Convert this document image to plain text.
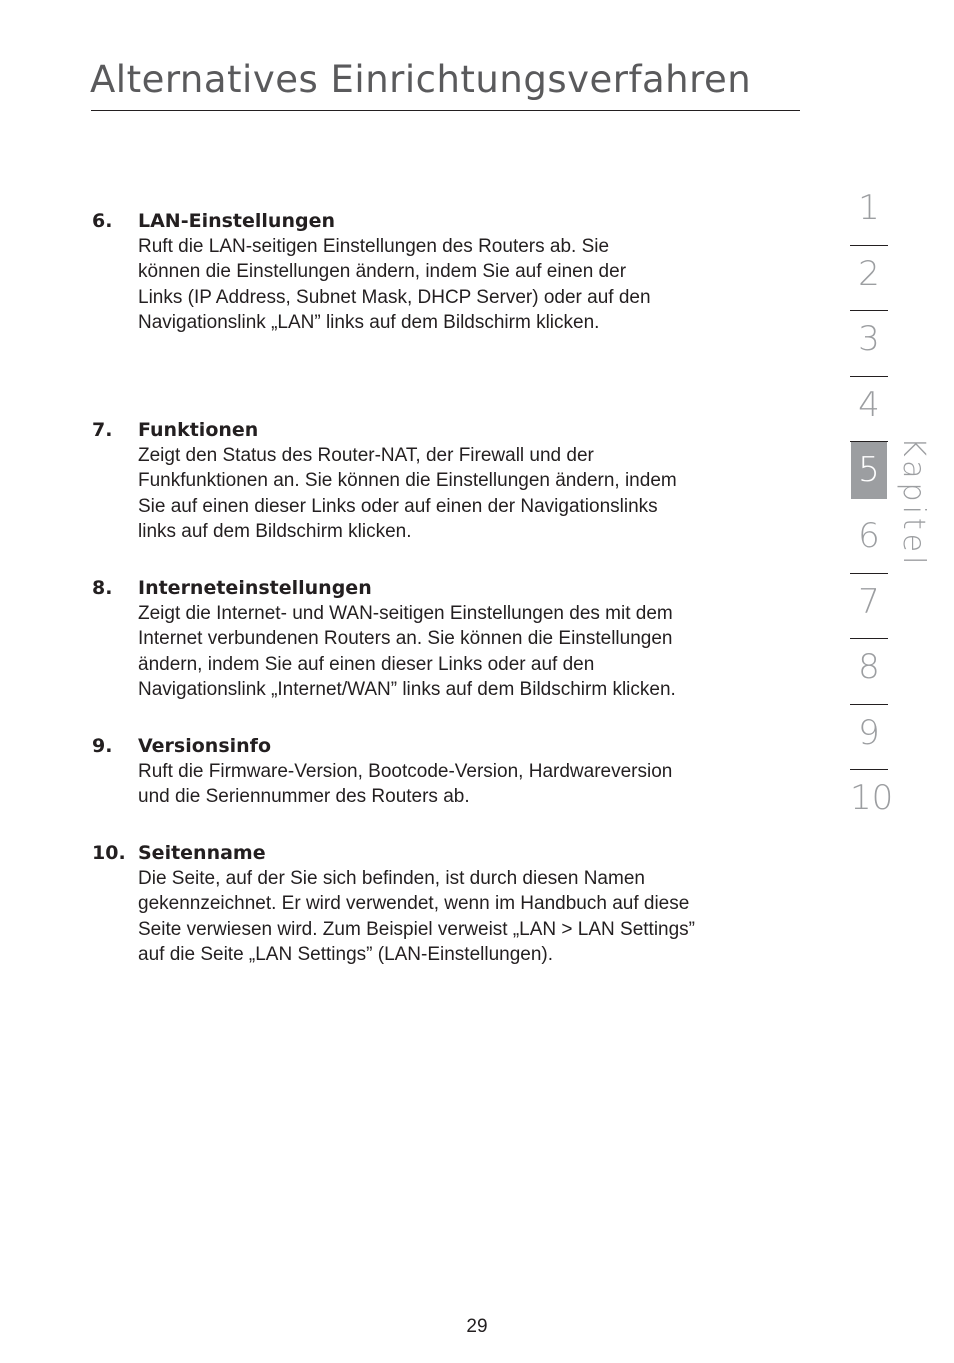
Alternatives Einrichtungsverfahren
6. LAN-Einstellungen

Ruft die LAN-seitigen Einstellungen des Routers ab. Sie

können die Einstellungen ändern, indem Sie auf einen der

Links (IP Address, Subnet Mask, DHCP Server) oder auf den

Navigationslink „LAN” links auf dem Bildschirm klicken.

7. Funktionen

Zeigt den Status des Router-NAT, der Firewall und der

Funkfunktionen an. Sie können die Einstellungen ändern, indem

Sie auf einen dieser Links oder auf einen der Navigationslinks

links auf dem Bildschirm klicken.

8. Interneteinstellungen

Zeigt die Internet- und WAN-seitigen Einstellungen des mit dem

Internet verbundenen Routers an. Sie können die Einstellungen

ändern, indem Sie auf einen dieser Links oder auf den

Navigationslink „Internet/WAN” links auf dem Bildschirm klicken.

9. Versionsinfo

Ruft die Firmware-Version, Bootcode-Version, Hardwareversion

und die Seriennummer des Routers ab.

10. Seitenname

Die Seite, auf der Sie sich befinden, ist durch diesen Namen

gekennzeichnet. Er wird verwendet, wenn im Handbuch auf diese

Seite verwiesen wird. Zum Beispiel verweist „LAN > LAN Settings”

auf die Seite „LAN Settings” (LAN-Einstellungen).

1
2
3
4
5
6
7
8
9
10
Kapitel
29
